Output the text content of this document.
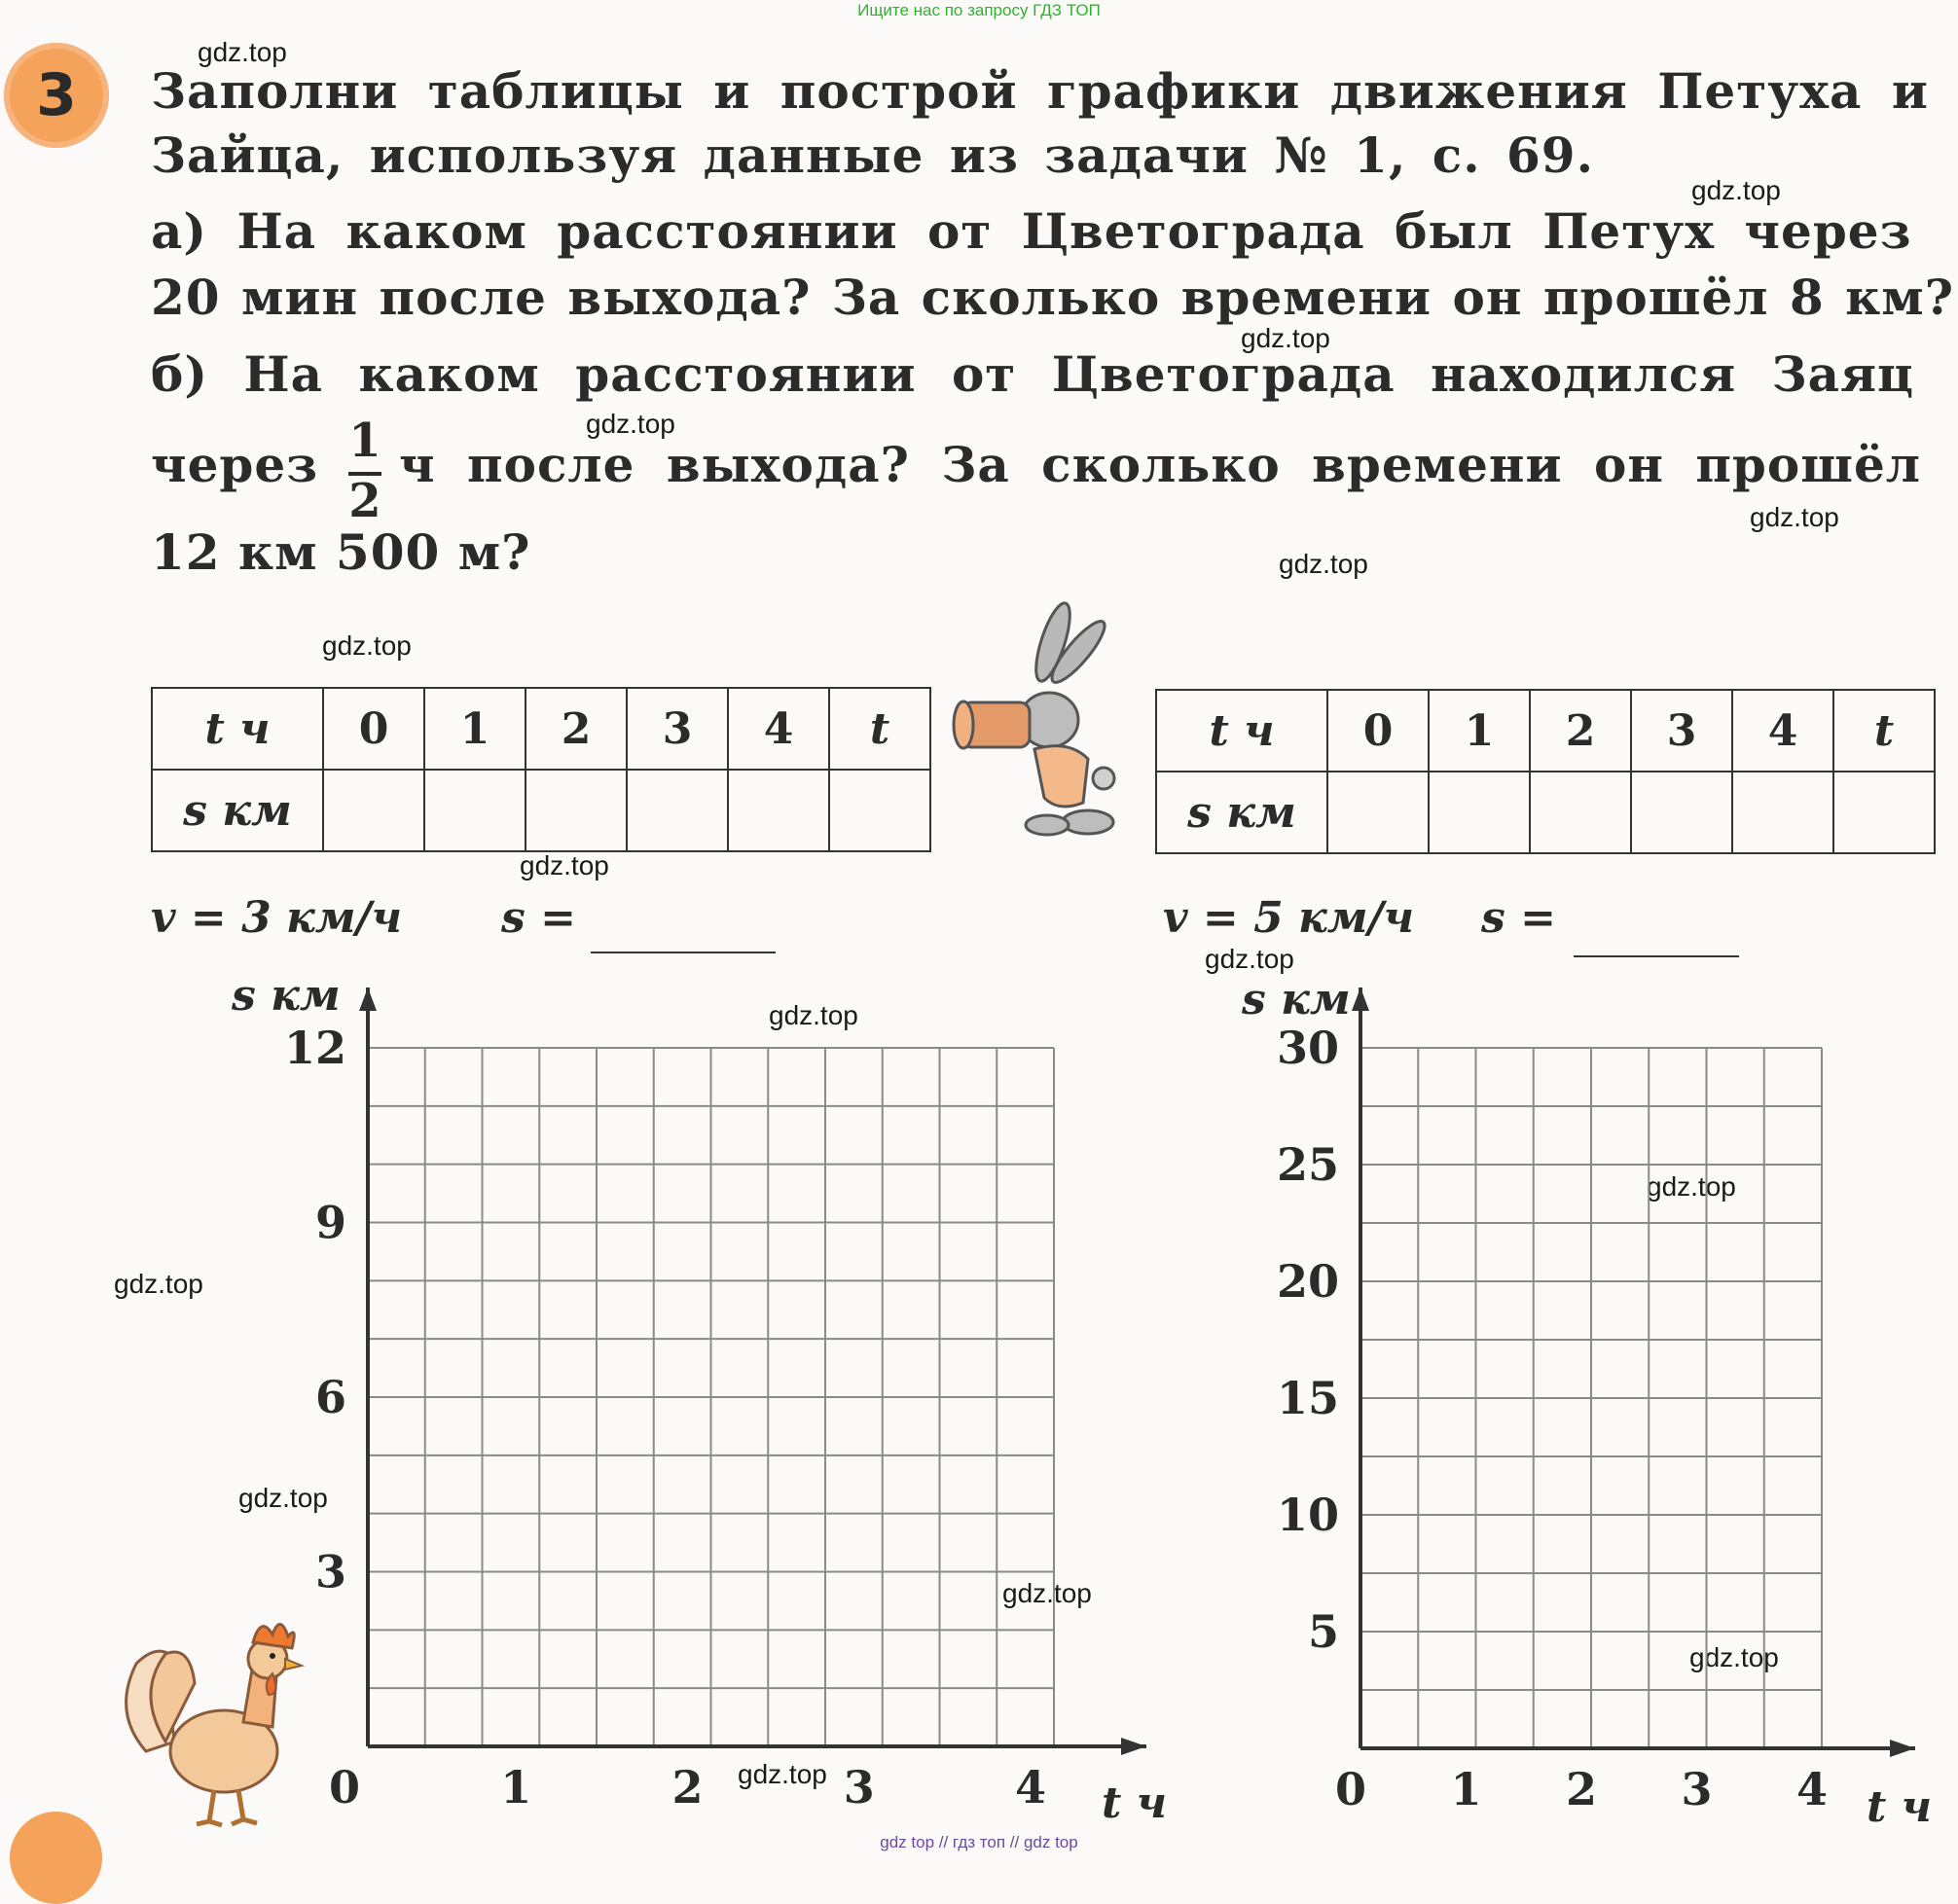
Ищите нас по запросу ГДЗ ТОП
3	Заполни таблицы и построй графики движения Петуха и
Зайца, используя данные из задачи № 1, с. 69.
а) На каком расстоянии от Цветограда был Петух через
20 мин после выхода? За сколько времени он прошёл 8 км?
б) На каком расстоянии от Цветограда находился Заяц
через 1
2
ч после выхода? За сколько времени он прошёл
12 км 500 м?
gdz.top
gdz.top
gdz.top
gdz.top
gdz.top
gdz.top
gdz.top
gdz.top
gdz.top
gdz.top
gdz.top
gdz.top
gdz.top
gdz.top
gdz.top
gdz.top
t ч	0	1	2	3	4	t
s км						
t ч	0	1	2	3	4	t
s км						
v = 3 км/ч s =	v = 5 км/ч s =
s км
t ч
3
6
9
12
0	1	2	3	4
s км
t ч
5
10
15
20
25
30
0 1 2 3 4
gdz top // гдз топ // gdz top
